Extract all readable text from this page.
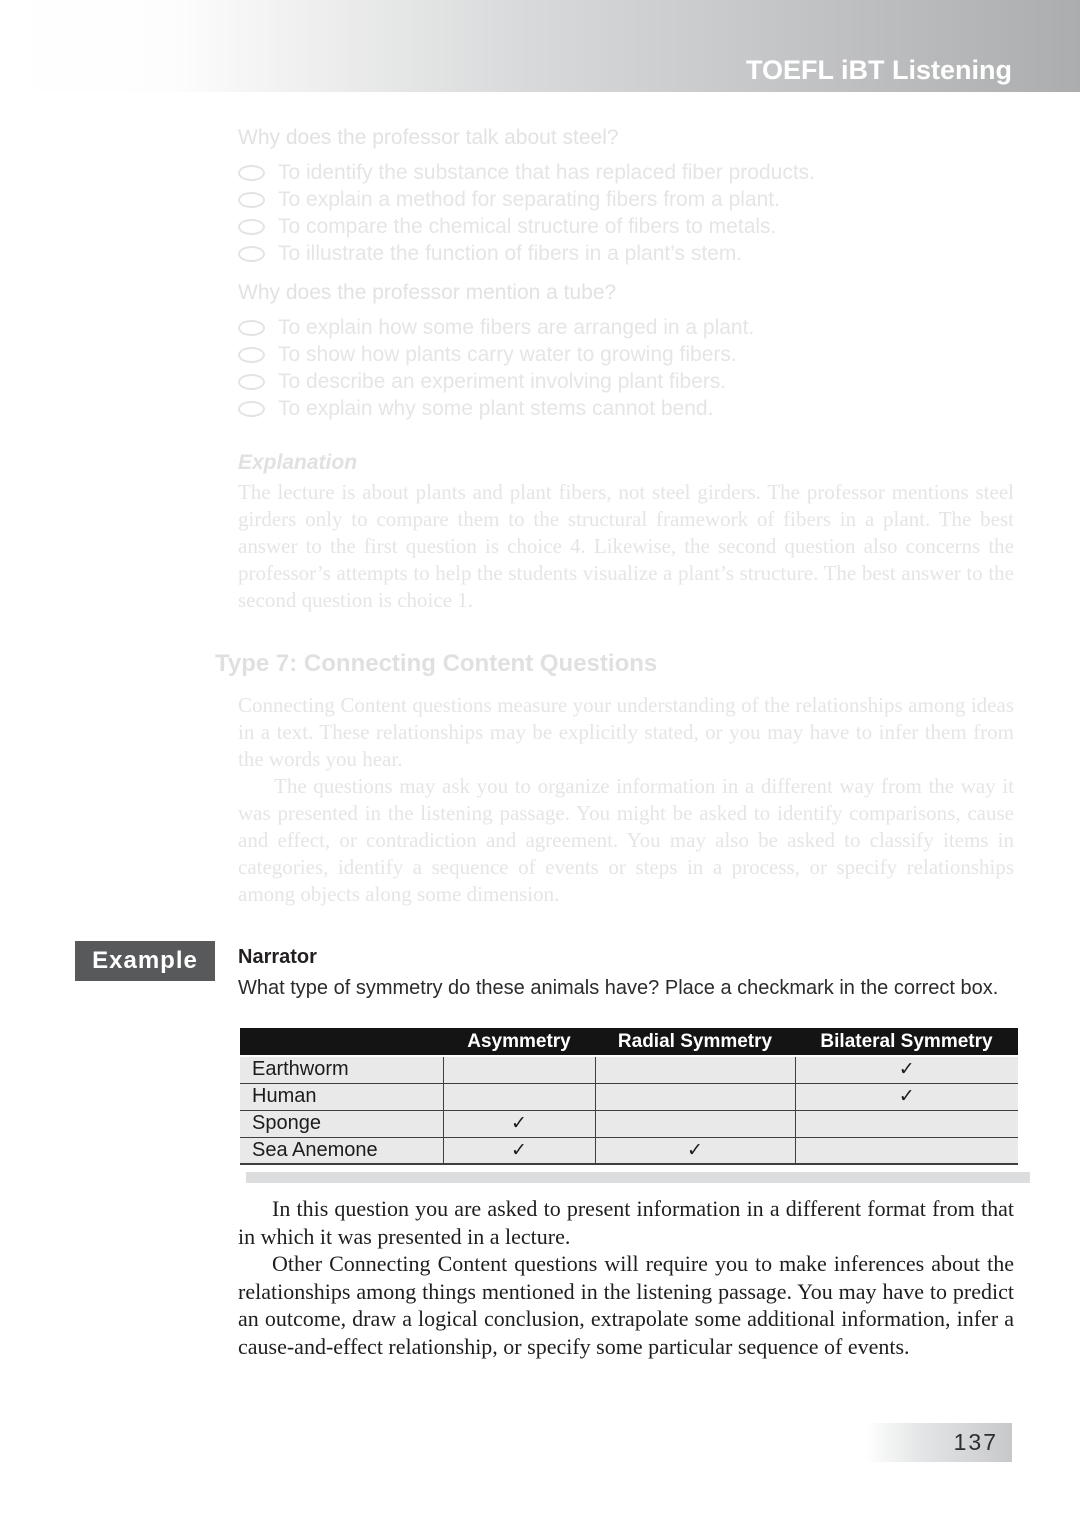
TOEFL iBT Listening
Why does the professor talk about steel?
To identify the substance that has replaced fiber products.
To explain a method for separating fibers from a plant.
To compare the chemical structure of fibers to metals.
To illustrate the function of fibers in a plant’s stem.
Why does the professor mention a tube?
To explain how some fibers are arranged in a plant.
To show how plants carry water to growing fibers.
To describe an experiment involving plant fibers.
To explain why some plant stems cannot bend.
Explanation
The lecture is about plants and plant fibers, not steel girders. The professor mentions steel girders only to compare them to the structural framework of fibers in a plant. The best answer to the first question is choice 4. Likewise, the second question also concerns the professor’s attempts to help the students visualize a plant’s structure. The best answer to the second question is choice 1.
Type 7: Connecting Content Questions
Connecting Content questions measure your understanding of the relationships among ideas in a text. These relationships may be explicitly stated, or you may have to infer them from the words you hear.
The questions may ask you to organize information in a different way from the way it was presented in the listening passage. You might be asked to identify comparisons, cause and effect, or contradiction and agreement. You may also be asked to classify items in categories, identify a sequence of events or steps in a process, or specify relationships among objects along some dimension.
Example	Narrator
What type of symmetry do these animals have? Place a checkmark in the correct box.
	Asymmetry	Radial Symmetry	Bilateral Symmetry
Earthworm			✓
Human			✓
Sponge	✓		
Sea Anemone	✓	✓	
In this question you are asked to present information in a different format from that in which it was presented in a lecture.
Other Connecting Content questions will require you to make inferences about the relationships among things mentioned in the listening passage. You may have to predict an outcome, draw a logical conclusion, extrapolate some additional information, infer a cause-and-effect relationship, or specify some particular sequence of events.
137
